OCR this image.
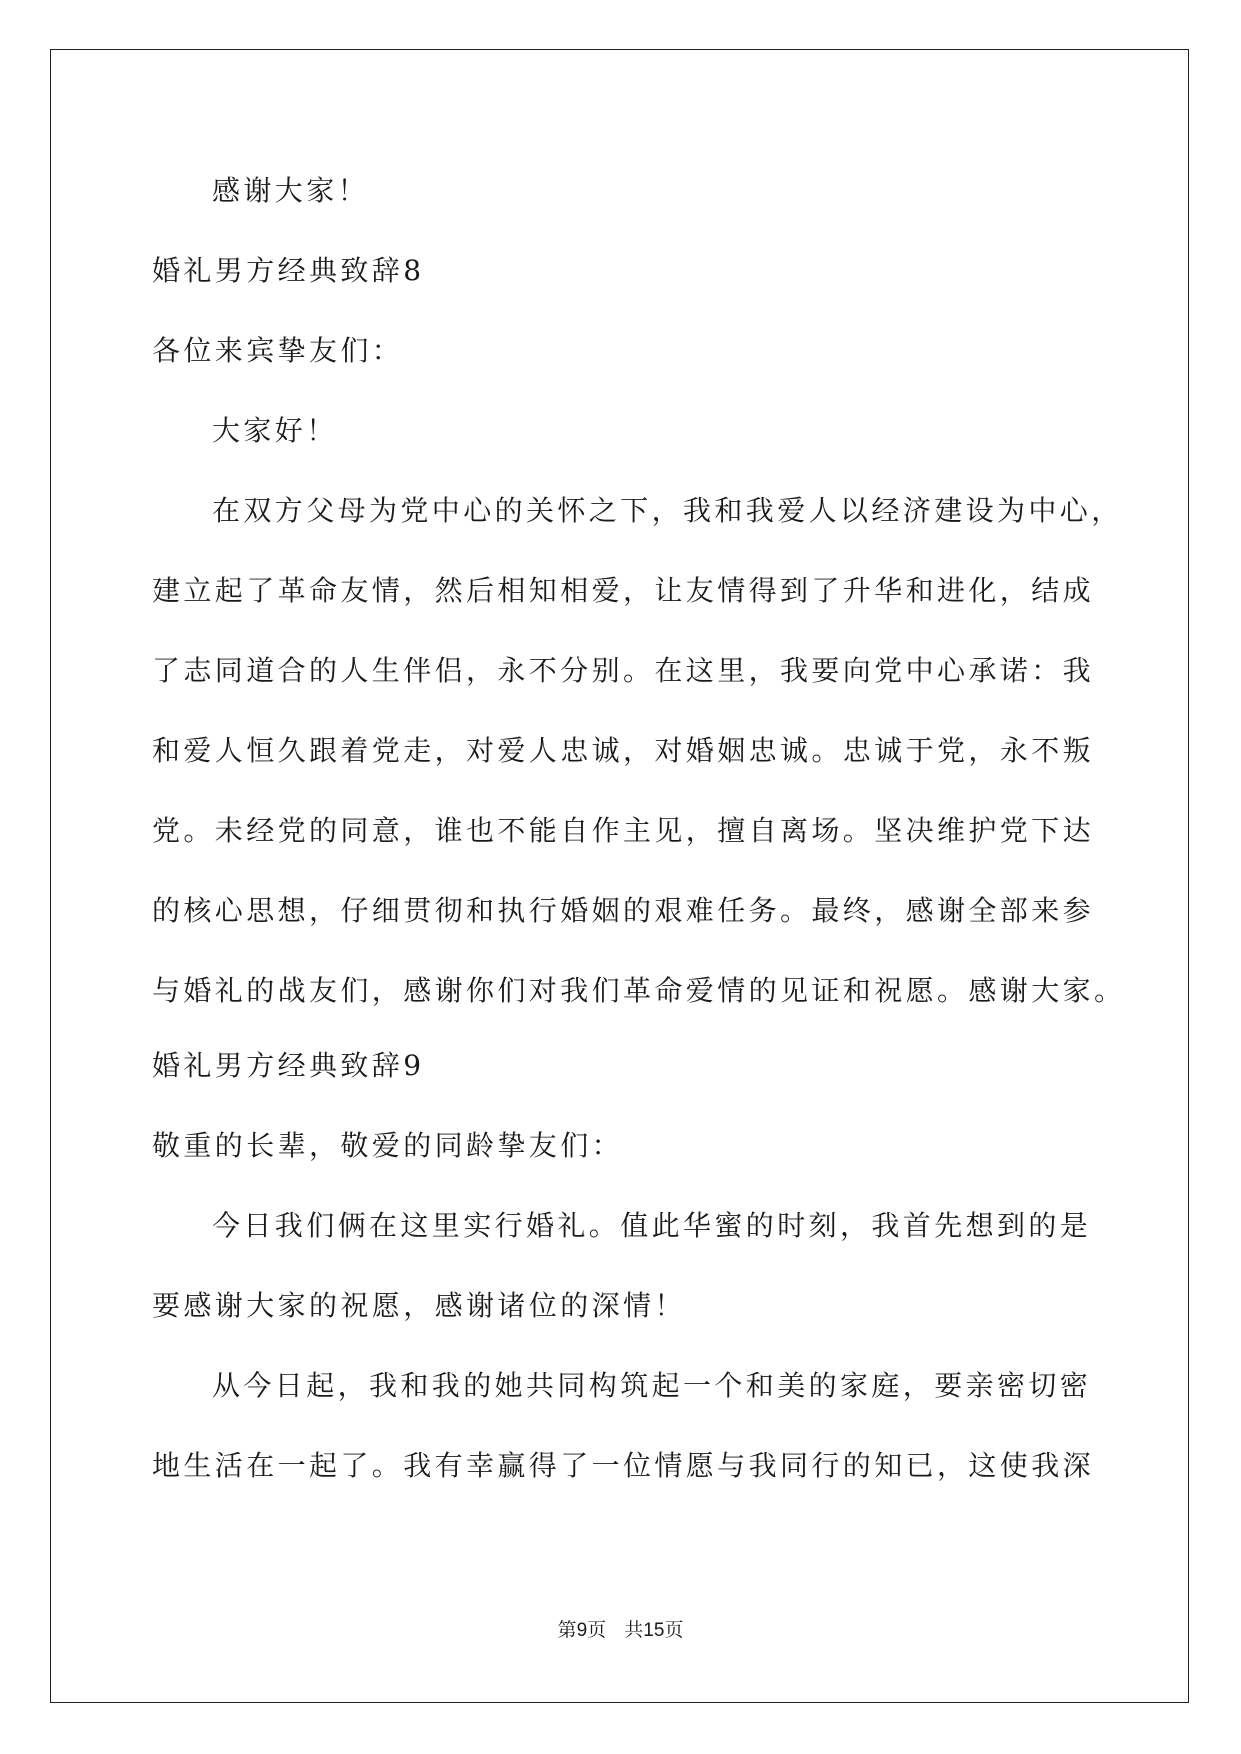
感谢大家！
婚礼男方经典致辞8
各位来宾挚友们：
大家好！
在双方父母为党中心的关怀之下，我和我爱人以经济建设为中心，
建立起了革命友情，然后相知相爱，让友情得到了升华和进化，结成
了志同道合的人生伴侣，永不分别。在这里，我要向党中心承诺：我
和爱人恒久跟着党走，对爱人忠诚，对婚姻忠诚。忠诚于党，永不叛
党。未经党的同意，谁也不能自作主见，擅自离场。坚决维护党下达
的核心思想，仔细贯彻和执行婚姻的艰难任务。最终，感谢全部来参
与婚礼的战友们，感谢你们对我们革命爱情的见证和祝愿。感谢大家。
婚礼男方经典致辞9
敬重的长辈，敬爱的同龄挚友们：
今日我们俩在这里实行婚礼。值此华蜜的时刻，我首先想到的是
要感谢大家的祝愿，感谢诸位的深情！
从今日起，我和我的她共同构筑起一个和美的家庭，要亲密切密
地生活在一起了。我有幸赢得了一位情愿与我同行的知已，这使我深
第9页 共15页
